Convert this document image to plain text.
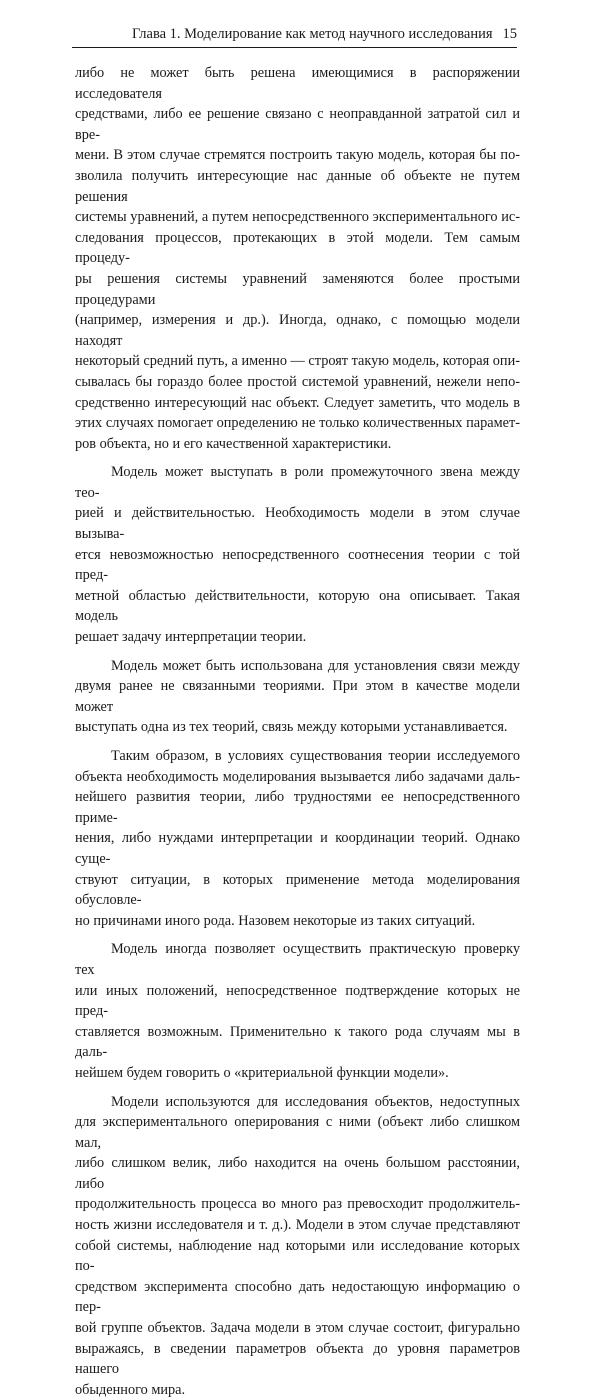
Глава 1. Моделирование как метод научного исследования 15

либо не может быть решена имеющимися в распоряжении исследователя

средствами, либо ее решение связано с неоправданной затратой сил и вре-

мени. В этом случае стремятся построить такую модель, которая бы по-

зволила получить интересующие нас данные об объекте не путем решения

системы уравнений, а путем непосредственного экспериментального ис-

следования процессов, протекающих в этой модели. Тем самым процеду-

ры решения системы уравнений заменяются более простыми процедурами

(например, измерения и др.). Иногда, однако, с помощью модели находят

некоторый средний путь, а именно — строят такую модель, которая опи-

сывалась бы гораздо более простой системой уравнений, нежели непо-

средственно интересующий нас объект. Следует заметить, что модель в

этих случаях помогает определению не только количественных парамет-

ров объекта, но и его качественной характеристики.

Модель может выступать в роли промежуточного звена между тео-

рией и действительностью. Необходимость модели в этом случае вызыва-

ется невозможностью непосредственного соотнесения теории с той пред-

метной областью действительности, которую она описывает. Такая модель

решает задачу интерпретации теории.

Модель может быть использована для установления связи между

двумя ранее не связанными теориями. При этом в качестве модели может

выступать одна из тех теорий, связь между которыми устанавливается.

Таким образом, в условиях существования теории исследуемого

объекта необходимость моделирования вызывается либо задачами даль-

нейшего развития теории, либо трудностями ее непосредственного приме-

нения, либо нуждами интерпретации и координации теорий. Однако суще-

ствуют ситуации, в которых применение метода моделирования обусловле-

но причинами иного рода. Назовем некоторые из таких ситуаций.

Модель иногда позволяет осуществить практическую проверку тех

или иных положений, непосредственное подтверждение которых не пред-

ставляется возможным. Применительно к такого рода случаям мы в даль-

нейшем будем говорить о «критериальной функции модели».

Модели используются для исследования объектов, недоступных

для экспериментального оперирования с ними (объект либо слишком мал,

либо слишком велик, либо находится на очень большом расстоянии, либо

продолжительность процесса во много раз превосходит продолжитель-

ность жизни исследователя и т. д.). Модели в этом случае представляют

собой системы, наблюдение над которыми или исследование которых по-

средством эксперимента способно дать недостающую информацию о пер-

вой группе объектов. Задача модели в этом случае состоит, фигурально

выражаясь, в сведении параметров объекта до уровня параметров нашего

обыденного мира.
